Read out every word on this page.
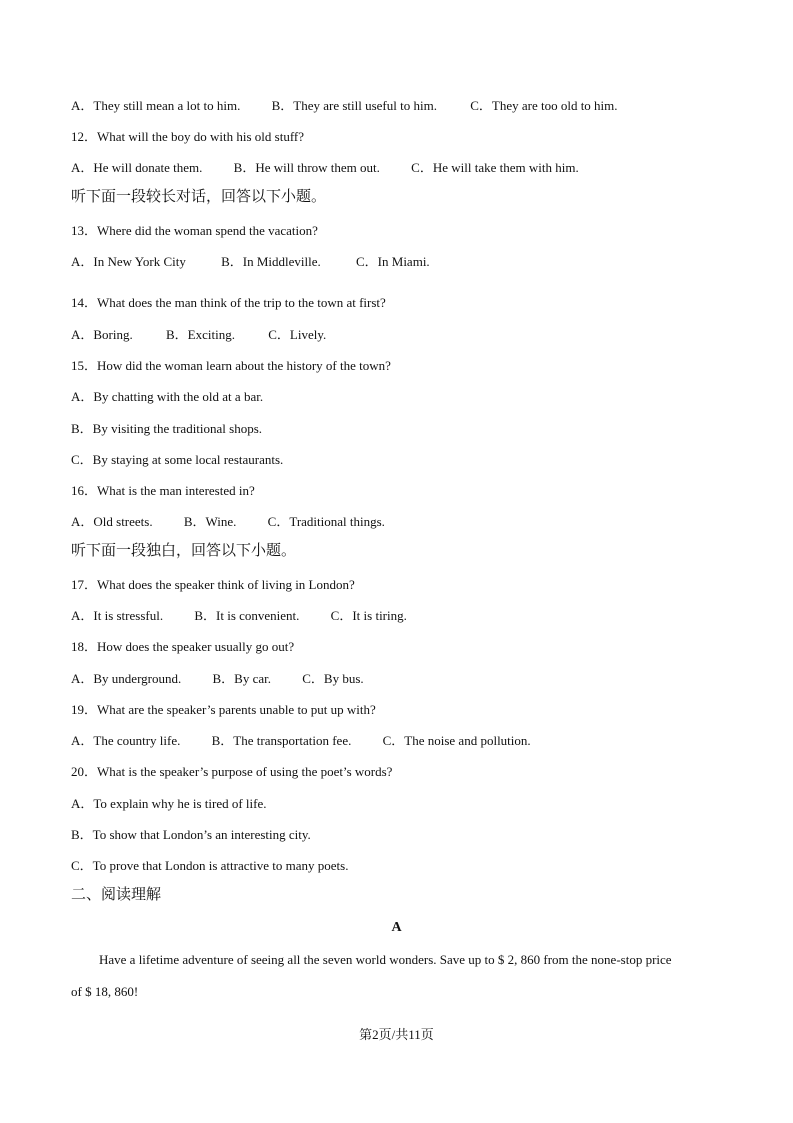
A．They still mean a lot to him. B．They are still useful to him.	C．They are too old to him.
12．What will the boy do with his old stuff?
A．He will donate them. B．He will throw them out. C．He will take them with him.
听下面一段较长对话，回答以下小题。
13．Where did the woman spend the vacation?
A．In New York City	B．In Middleville.	C．In Miami.
14．What does the man think of the trip to the town at first?
A．Boring.	B．Exciting.	C．Lively.
15．How did the woman learn about the history of the town?
A．By chatting with the old at a bar.
B．By visiting the traditional shops.
C．By staying at some local restaurants.
16．What is the man interested in?
A．Old streets. B．Wine. C．Traditional things.
听下面一段独白，回答以下小题。
17．What does the speaker think of living in London?
A．It is stressful. B．It is convenient. C．It is tiring.
18．How does the speaker usually go out?
A．By underground. B．By car. C．By bus.
19．What are the speaker’s parents unable to put up with?
A．The country life. B．The transportation fee. C．The noise and pollution.
20．What is the speaker’s purpose of using the poet’s words?
A．To explain why he is tired of life.
B．To show that London’s an interesting city.
C．To prove that London is attractive to many poets.
二、阅读理解
A
Have a lifetime adventure of seeing all the seven world wonders. Save up to $ 2, 860 from the none-stop price
of $ 18, 860!
第2页/共11页
